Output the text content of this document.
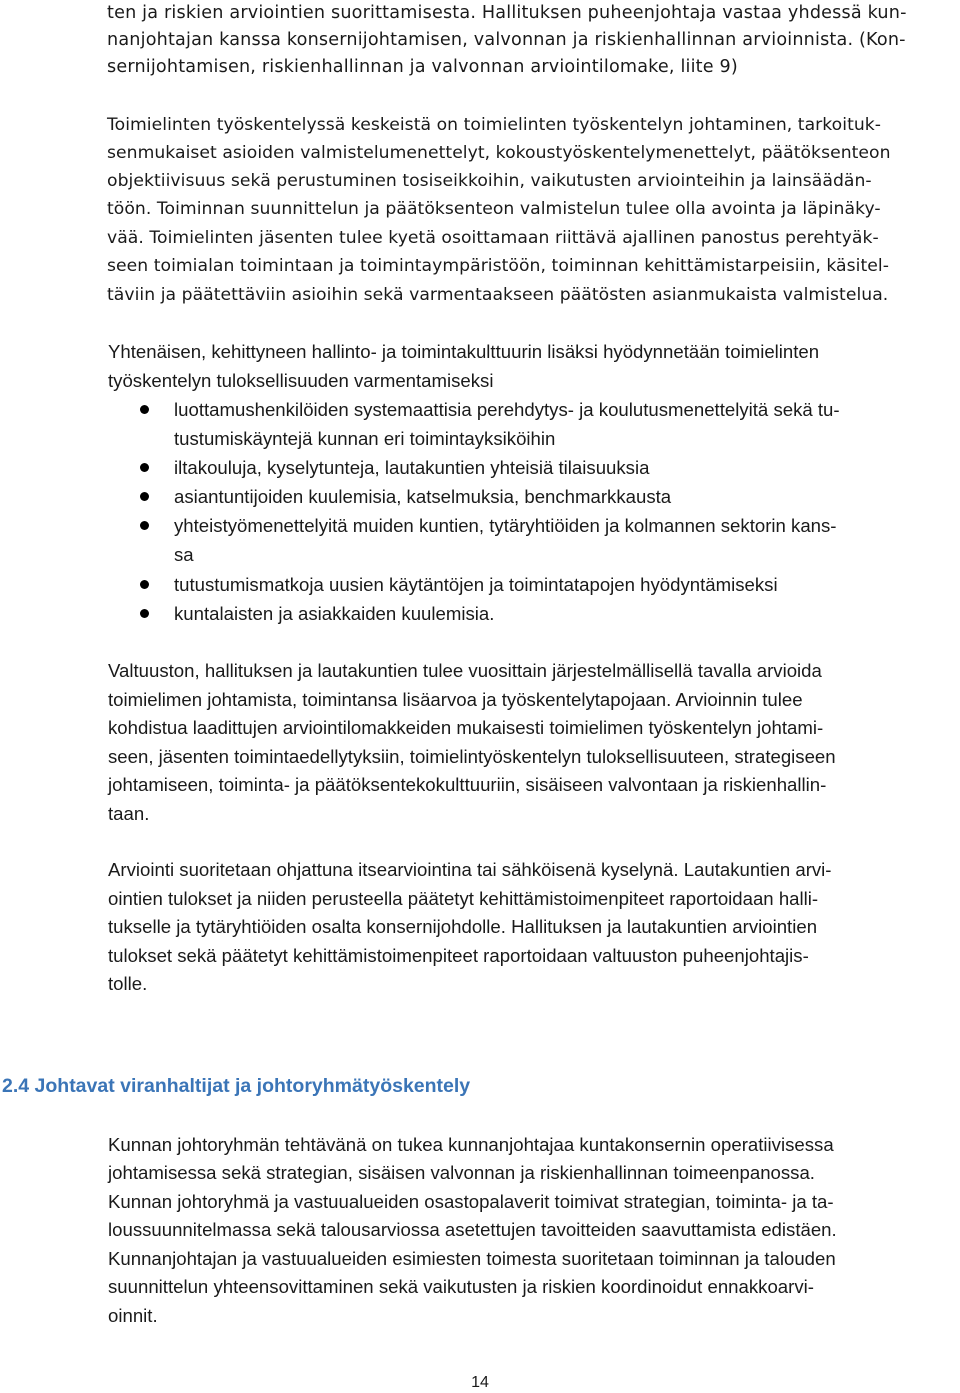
ten ja riskien arviointien suorittamisesta. Hallituksen puheenjohtaja vastaa yhdessä kun-

nanjohtajan kanssa konsernijohtamisen, valvonnan ja riskienhallinnan arvioinnista. (Kon-

sernijohtamisen, riskienhallinnan ja valvonnan arviointilomake, liite 9)

Toimielinten työskentelyssä keskeistä on toimielinten työskentelyn johtaminen, tarkoituk-

senmukaiset asioiden valmistelumenettelyt, kokoustyöskentelymenettelyt, päätöksenteon

objektiivisuus sekä perustuminen tosiseikkoihin, vaikutusten arviointeihin ja lainsäädän-

töön. Toiminnan suunnittelun ja päätöksenteon valmistelun tulee olla avointa ja läpinäky-

vää. Toimielinten jäsenten tulee kyetä osoittamaan riittävä ajallinen panostus perehtyäk-

seen toimialan toimintaan ja toimintaympäristöön, toiminnan kehittämistarpeisiin, käsitel-

täviin ja päätettäviin asioihin sekä varmentaakseen päätösten asianmukaista valmistelua.

Yhtenäisen, kehittyneen hallinto- ja toimintakulttuurin lisäksi hyödynnetään toimielinten

työskentelyn tuloksellisuuden varmentamiseksi

luottamushenkilöiden systemaattisia perehdytys- ja koulutusmenettelyitä sekä tu-

tustumiskäyntejä kunnan eri toimintayksiköihin

iltakouluja, kyselytunteja, lautakuntien yhteisiä tilaisuuksia

asiantuntijoiden kuulemisia, katselmuksia, benchmarkkausta

yhteistyömenettelyitä muiden kuntien, tytäryhtiöiden ja kolmannen sektorin kans-

sa

tutustumismatkoja uusien käytäntöjen ja toimintatapojen hyödyntämiseksi

kuntalaisten ja asiakkaiden kuulemisia.

Valtuuston, hallituksen ja lautakuntien tulee vuosittain järjestelmällisellä tavalla arvioida

toimielimen johtamista, toimintansa lisäarvoa ja työskentelytapojaan. Arvioinnin tulee

kohdistua laadittujen arviointilomakkeiden mukaisesti toimielimen työskentelyn johtami-

seen, jäsenten toimintaedellytyksiin, toimielintyöskentelyn tuloksellisuuteen, strategiseen

johtamiseen, toiminta- ja päätöksentekokulttuuriin, sisäiseen valvontaan ja riskienhallin-

taan.

Arviointi suoritetaan ohjattuna itsearviointina tai sähköisenä kyselynä. Lautakuntien arvi-

ointien tulokset ja niiden perusteella päätetyt kehittämistoimenpiteet raportoidaan halli-

tukselle ja tytäryhtiöiden osalta konsernijohdolle. Hallituksen ja lautakuntien arviointien

tulokset sekä päätetyt kehittämistoimenpiteet raportoidaan valtuuston puheenjohtajis-

tolle.

2.4 Johtavat viranhaltijat ja johtoryhmätyöskentely

Kunnan johtoryhmän tehtävänä on tukea kunnanjohtajaa kuntakonsernin operatiivisessa

johtamisessa sekä strategian, sisäisen valvonnan ja riskienhallinnan toimeenpanossa.

Kunnan johtoryhmä ja vastuualueiden osastopalaverit toimivat strategian, toiminta- ja ta-

loussuunnitelmassa sekä talousarviossa asetettujen tavoitteiden saavuttamista edistäen.

Kunnanjohtajan ja vastuualueiden esimiesten toimesta suoritetaan toiminnan ja talouden

suunnittelun yhteensovittaminen sekä vaikutusten ja riskien koordinoidut ennakkoarvi-

oinnit.

14
